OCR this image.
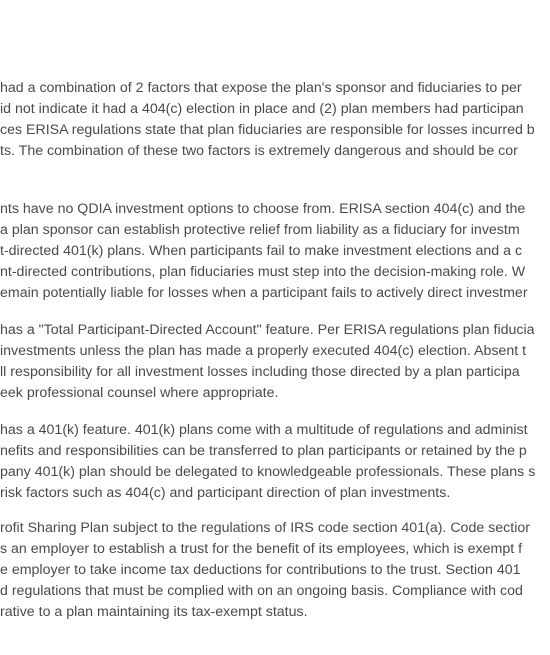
had a combination of 2 factors that expose the plan's sponsor and fiduciaries to per
id not indicate it had a 404(c) election in place and (2) plan members had participan
ces ERISA regulations state that plan fiduciaries are responsible for losses incurred b
ts. The combination of these two factors is extremely dangerous and should be cor
nts have no QDIA investment options to choose from. ERISA section 404(c) and the
a plan sponsor can establish protective relief from liability as a fiduciary for investm
t-directed 401(k) plans. When participants fail to make investment elections and a c
nt-directed contributions, plan fiduciaries must step into the decision-making role. W
emain potentially liable for losses when a participant fails to actively direct investmer
has a "Total Participant-Directed Account" feature. Per ERISA regulations plan fiducia
investments unless the plan has made a properly executed 404(c) election. Absent t
ll responsibility for all investment losses including those directed by a plan participa
eek professional counsel where appropriate.
has a 401(k) feature. 401(k) plans come with a multitude of regulations and administ
nefits and responsibilities can be transferred to plan participants or retained by the p
pany 401(k) plan should be delegated to knowledgeable professionals. These plans s
risk factors such as 404(c) and participant direction of plan investments.
rofit Sharing Plan subject to the regulations of IRS code section 401(a). Code sectior
s an employer to establish a trust for the benefit of its employees, which is exempt f
e employer to take income tax deductions for contributions to the trust. Section 401
d regulations that must be complied with on an ongoing basis. Compliance with cod
rative to a plan maintaining its tax-exempt status.
